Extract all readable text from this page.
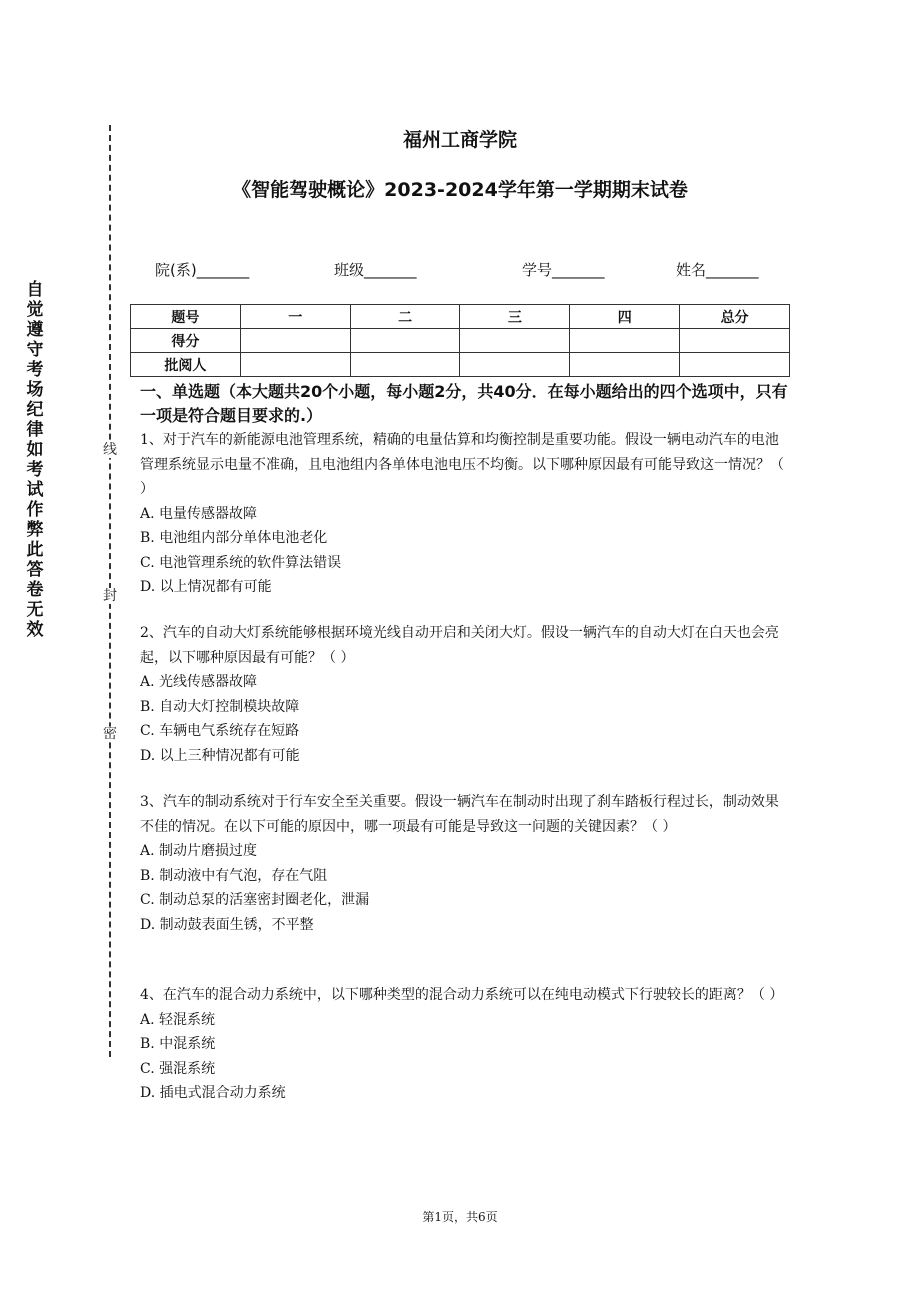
自觉遵守考场纪律如考试作弊此答卷无效
线
封
密
福州工商学院
《智能驾驶概论》2023-2024学年第一学期期末试卷
院(系)_______	班级_______	学号_______	姓名_______
题号	一	二	三	四	总分
得分					
批阅人					
一、单选题（本大题共20个小题，每小题2分，共40分．在每小题给出的四个选项中，只有一项是符合题目要求的.）
1、对于汽车的新能源电池管理系统，精确的电量估算和均衡控制是重要功能。假设一辆电动汽车的电池管理系统显示电量不准确，且电池组内各单体电池电压不均衡。以下哪种原因最有可能导致这一情况？（ ）
A. 电量传感器故障
B. 电池组内部分单体电池老化
C. 电池管理系统的软件算法错误
D. 以上情况都有可能
2、汽车的自动大灯系统能够根据环境光线自动开启和关闭大灯。假设一辆汽车的自动大灯在白天也会亮起，以下哪种原因最有可能？（ ）
A. 光线传感器故障
B. 自动大灯控制模块故障
C. 车辆电气系统存在短路
D. 以上三种情况都有可能
3、汽车的制动系统对于行车安全至关重要。假设一辆汽车在制动时出现了刹车踏板行程过长，制动效果不佳的情况。在以下可能的原因中，哪一项最有可能是导致这一问题的关键因素？（ ）
A. 制动片磨损过度
B. 制动液中有气泡，存在气阻
C. 制动总泵的活塞密封圈老化，泄漏
D. 制动鼓表面生锈，不平整
4、在汽车的混合动力系统中，以下哪种类型的混合动力系统可以在纯电动模式下行驶较长的距离？（ ）
A. 轻混系统
B. 中混系统
C. 强混系统
D. 插电式混合动力系统
第1页，共6页
